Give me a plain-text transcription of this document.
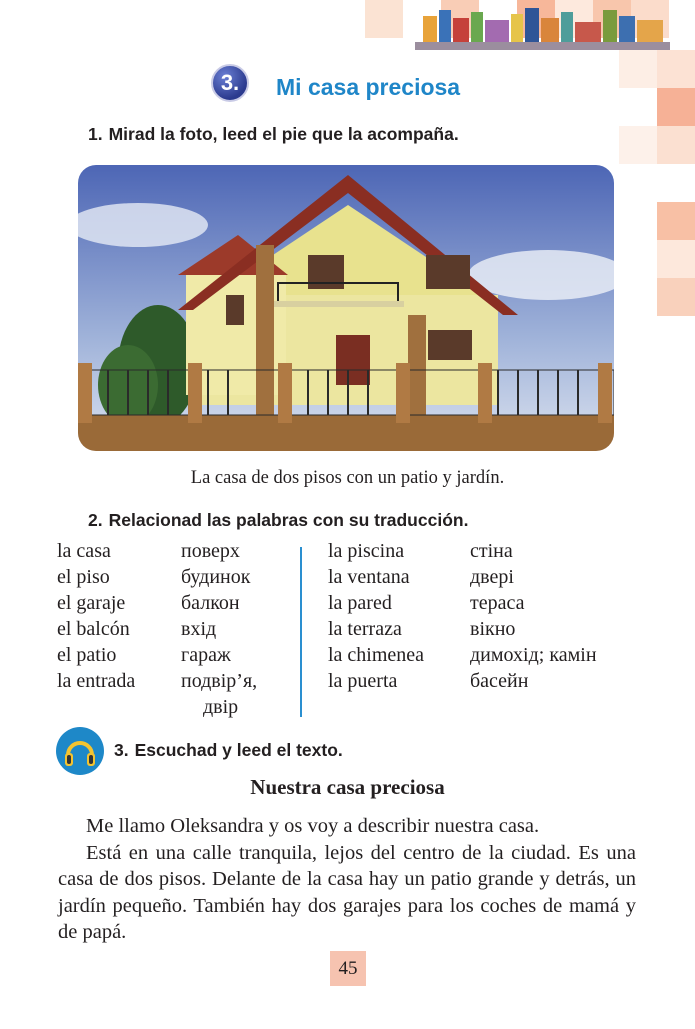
3.	Mi casa preciosa
1. Mirad la foto, leed el pie que la acompaña.
La casa de dos pisos con un patio y jardín.
2. Relacionad las palabras con su traducción.
la casa
el piso
el garaje
el balcón
el patio
la entrada
поверх
будинок
балкон
вхід
гараж
подвір’я,
двір
la piscina
la ventana
la pared
la terraza
la chimenea
la puerta
стіна
двері
тераса
вікно
димохід; камін
басейн
3. Escuchad y leed el texto.
Nuestra casa preciosa

Me llamo Oleksandra y os voy a describir nuestra casa.

Está en una calle tranquila, lejos del centro de la ciudad. Es una casa de dos pisos. Delante de la casa hay un patio grande y detrás, un jardín pequeño. También hay dos garajes para los coches de mamá y de papá.

45
